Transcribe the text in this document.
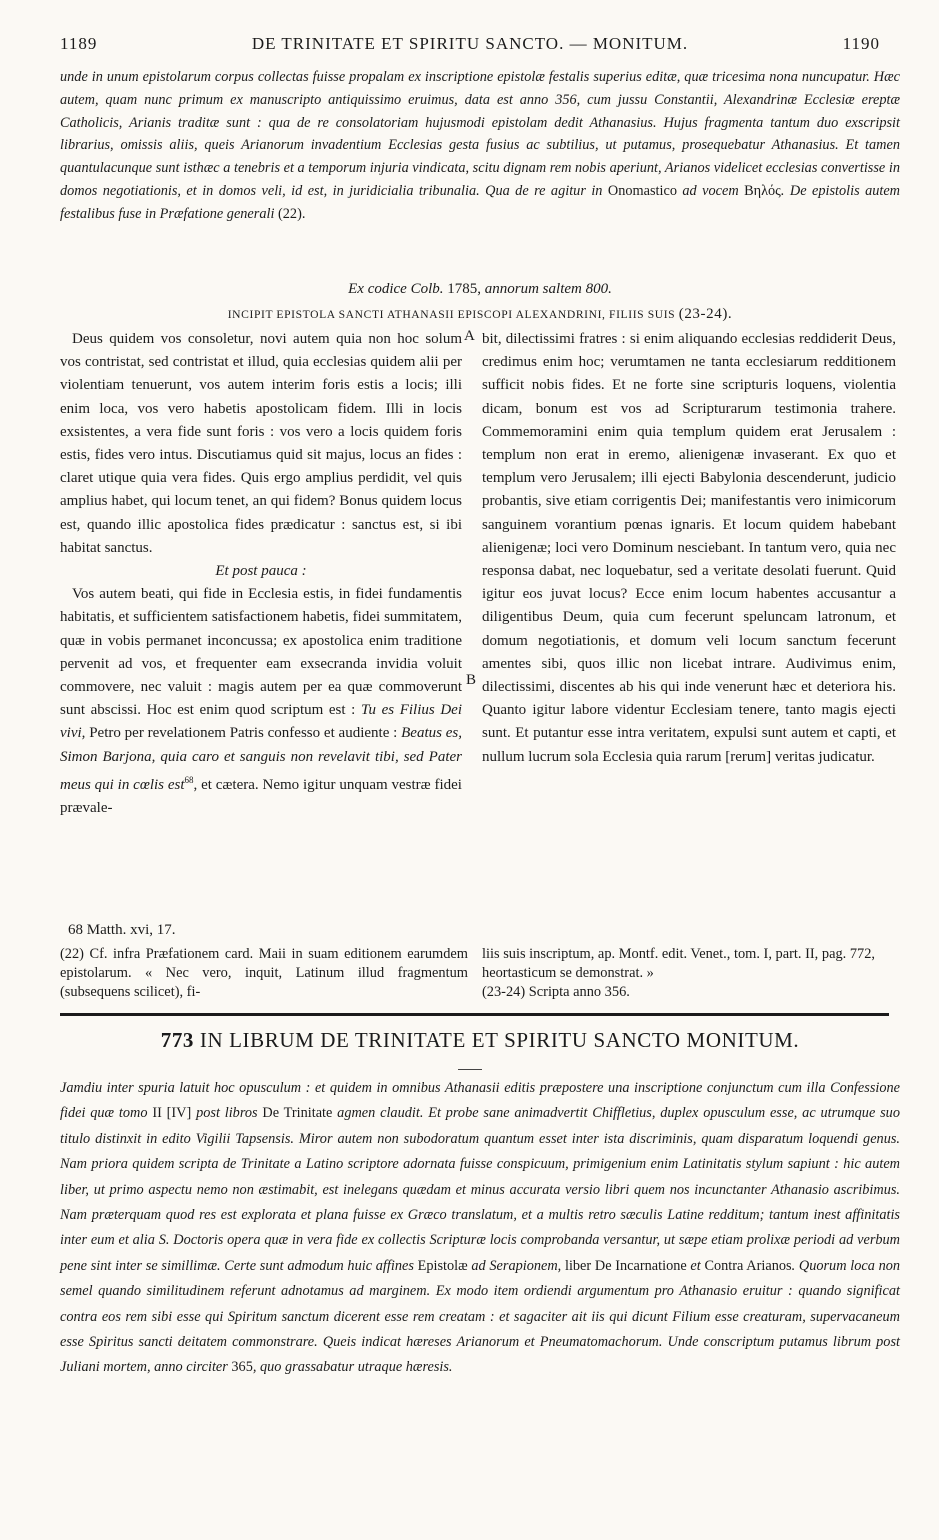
1189	DE TRINITATE ET SPIRITU SANCTO. — MONITUM.	1190

unde in unum epistolarum corpus collectas fuisse propalam ex inscriptione epistolæ festalis superius editæ, quæ tricesima nona nuncupatur. Hæc autem, quam nunc primum ex manuscripto antiquissimo eruimus, data est anno 356, cum jussu Constantii, Alexandrinæ Ecclesiæ ereptæ Catholicis, Arianis traditæ sunt : qua de re consolatoriam hujusmodi epistolam dedit Athanasius. Hujus fragmenta tantum duo exscripsit librarius, omissis aliis, queis Arianorum invadentium Ecclesias gesta fusius ac subtilius, ut putamus, prosequebatur Athanasius. Et tamen quantulacunque sunt isthæc a tenebris et a temporum injuria vindicata, scitu dignam rem nobis aperiunt, Arianos videlicet ecclesias convertisse in domos negotiationis, et in domos veli, id est, in juridicialia tribunalia. Qua de re agitur in Onomastico ad vocem Βηλός. De epistolis autem festalibus fuse in Præfatione generali (22).

Ex codice Colb. 1785, annorum saltem 800.
INCIPIT EPISTOLA SANCTI ATHANASII EPISCOPI ALEXANDRINI, FILIIS SUIS (23-24).

Deus quidem vos consoletur, novi autem quia non hoc solum vos contristat, sed contristat et illud, quia ecclesias quidem alii per violentiam tenuerunt, vos autem interim foris estis a locis; illi enim loca, vos vero habetis apostolicam fidem. Illi in locis exsistentes, a vera fide sunt foris : vos vero a locis quidem foris estis, fides vero intus. Discutiamus quid sit majus, locus an fides : claret utique quia vera fides. Quis ergo amplius perdidit, vel quis amplius habet, qui locum tenet, an qui fidem? Bonus quidem locus est, quando illic apostolica fides prædicatur : sanctus est, si ibi habitat sanctus.

Et post pauca :

Vos autem beati, qui fide in Ecclesia estis, in fidei fundamentis habitatis, et sufficientem satisfactionem habetis, fidei summitatem, quæ in vobis permanet inconcussa; ex apostolica enim traditione pervenit ad vos, et frequenter eam exsecranda invidia voluit commovere, nec valuit : magis autem per ea quæ commoverunt sunt abscissi. Hoc est enim quod scriptum est : Tu es Filius Dei vivi, Petro per revelationem Patris confesso et audiente : Beatus es, Simon Barjona, quia caro et sanguis non revelavit tibi, sed Pater meus qui in cœlis est$^{68}$, et cætera. Nemo igitur unquam vestræ fidei prævale-

A
B

bit, dilectissimi fratres : si enim aliquando ecclesias reddiderit Deus, credimus enim hoc; verumtamen ne tanta ecclesiarum redditionem sufficit nobis fides. Et ne forte sine scripturis loquens, violentia dicam, bonum est vos ad Scripturarum testimonia trahere. Commemoramini enim quia templum quidem erat Jerusalem : templum non erat in eremo, alienigenæ invaserant. Ex quo et templum vero Jerusalem; illi ejecti Babylonia descenderunt, judicio probantis, sive etiam corrigentis Dei; manifestantis vero inimicorum sanguinem vorantium pœnas ignaris. Et locum quidem habebant alienigenæ; loci vero Dominum nesciebant. In tantum vero, quia nec responsa dabat, nec loquebatur, sed a veritate desolati fuerunt. Quid igitur eos juvat locus? Ecce enim locum habentes accusantur a diligentibus Deum, quia cum fecerunt speluncam latronum, et domum negotiationis, et domum veli locum sanctum fecerunt amentes sibi, quos illic non licebat intrare. Audivimus enim, dilectissimi, discentes ab his qui inde venerunt hæc et deteriora his. Quanto igitur labore videntur Ecclesiam tenere, tanto magis ejecti sunt. Et putantur esse intra veritatem, expulsi sunt autem et capti, et nullum lucrum sola Ecclesia quia rarum [rerum] veritas judicatur.

68 Matth. xvi, 17.

(22) Cf. infra Præfationem card. Maii in suam editionem earumdem epistolarum. « Nec vero, inquit, Latinum illud fragmentum (subsequens scilicet), fi-

liis suis inscriptum, ap. Montf. edit. Venet., tom. I, part. II, pag. 772, heortasticum se demonstrat. »

(23-24) Scripta anno 356.

773 IN LIBRUM DE TRINITATE ET SPIRITU SANCTO MONITUM.

Jamdiu inter spuria latuit hoc opusculum : et quidem in omnibus Athanasii editis præpostere una inscriptione conjunctum cum illa Confessione fidei quæ tomo II [IV] post libros De Trinitate agmen claudit. Et probe sane animadvertit Chiffletius, duplex opusculum esse, ac utrumque suo titulo distinxit in edito Vigilii Tapsensis. Miror autem non subodoratum quantum esset inter ista discriminis, quam disparatum loquendi genus. Nam priora quidem scripta de Trinitate a Latino scriptore adornata fuisse conspicuum, primigenium enim Latinitatis stylum sapiunt : hic autem liber, ut primo aspectu nemo non æstimabit, est inelegans quædam et minus accurata versio libri quem nos incunctanter Athanasio ascribimus. Nam præterquam quod res est explorata et plana fuisse ex Græco translatum, et a multis retro sæculis Latine redditum; tantum inest affinitatis inter eum et alia S. Doctoris opera quæ in vera fide ex collectis Scripturæ locis comprobanda versantur, ut sæpe etiam prolixæ periodi ad verbum pene sint inter se simillimæ. Certe sunt admodum huic affines Epistolæ ad Serapionem, liber De Incarnatione et Contra Arianos. Quorum loca non semel quando similitudinem referunt adnotamus ad marginem. Ex modo item ordiendi argumentum pro Athanasio eruitur : quando significat contra eos rem sibi esse qui Spiritum sanctum dicerent esse rem creatam : et sagaciter ait iis qui dicunt Filium esse creaturam, supervacaneum esse Spiritus sancti deitatem commonstrare. Queis indicat hæreses Arianorum et Pneumatomachorum. Unde conscriptum putamus librum post Juliani mortem, anno circiter 365, quo grassabatur utraque hæresis.
